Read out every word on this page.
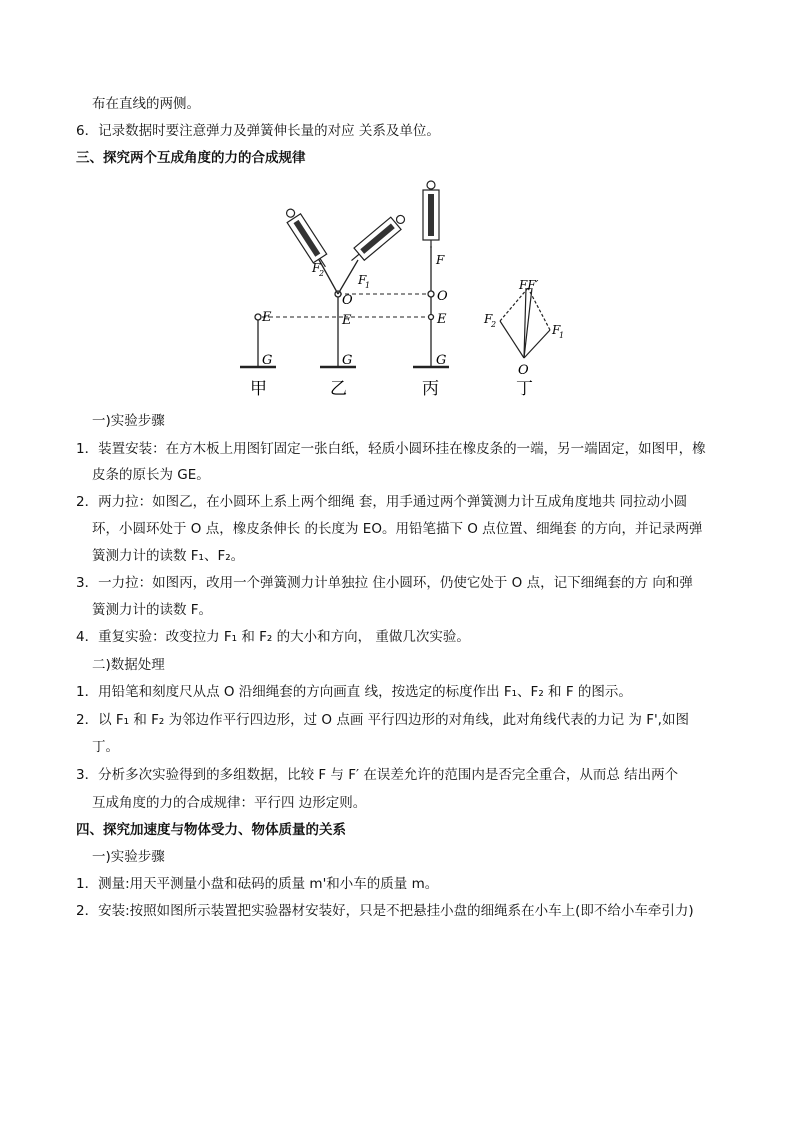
布在直线的两侧。
6．记录数据时要注意弹力及弹簧伸长量的对应 关系及单位。
三、探究两个互成角度的力的合成规律
E
G
甲
F
2	F
1
O
E
G
乙
F
O
E
G
丙
FF′
F
2	F
1
O
丁
一)实验步骤
1．装置安装：在方木板上用图钉固定一张白纸，轻质小圆环挂在橡皮条的一端，另一端固定，如图甲，橡
皮条的原长为 GE。
2．两力拉：如图乙，在小圆环上系上两个细绳 套，用手通过两个弹簧测力计互成角度地共 同拉动小圆
环，小圆环处于 O 点，橡皮条伸长 的长度为 EO。用铅笔描下 O 点位置、细绳套 的方向，并记录两弹
簧测力计的读数 F₁、F₂。
3．一力拉：如图丙，改用一个弹簧测力计单独拉 住小圆环，仍使它处于 O 点，记下细绳套的方 向和弹
簧测力计的读数 F。
4．重复实验：改变拉力 F₁ 和 F₂ 的大小和方向， 重做几次实验。
二)数据处理
1．用铅笔和刻度尺从点 O 沿细绳套的方向画直 线，按选定的标度作出 F₁、F₂ 和 F 的图示。
2．以 F₁ 和 F₂ 为邻边作平行四边形，过 O 点画 平行四边形的对角线，此对角线代表的力记 为 F',如图
丁。
3．分析多次实验得到的多组数据，比较 F 与 F′ 在误差允许的范围内是否完全重合，从而总 结出两个
互成角度的力的合成规律：平行四 边形定则。
四、探究加速度与物体受力、物体质量的关系
一)实验步骤
1．测量:用天平测量小盘和砝码的质量 m'和小车的质量 m。
2．安装:按照如图所示装置把实验器材安装好，只是不把悬挂小盘的细绳系在小车上(即不给小车牵引力)
